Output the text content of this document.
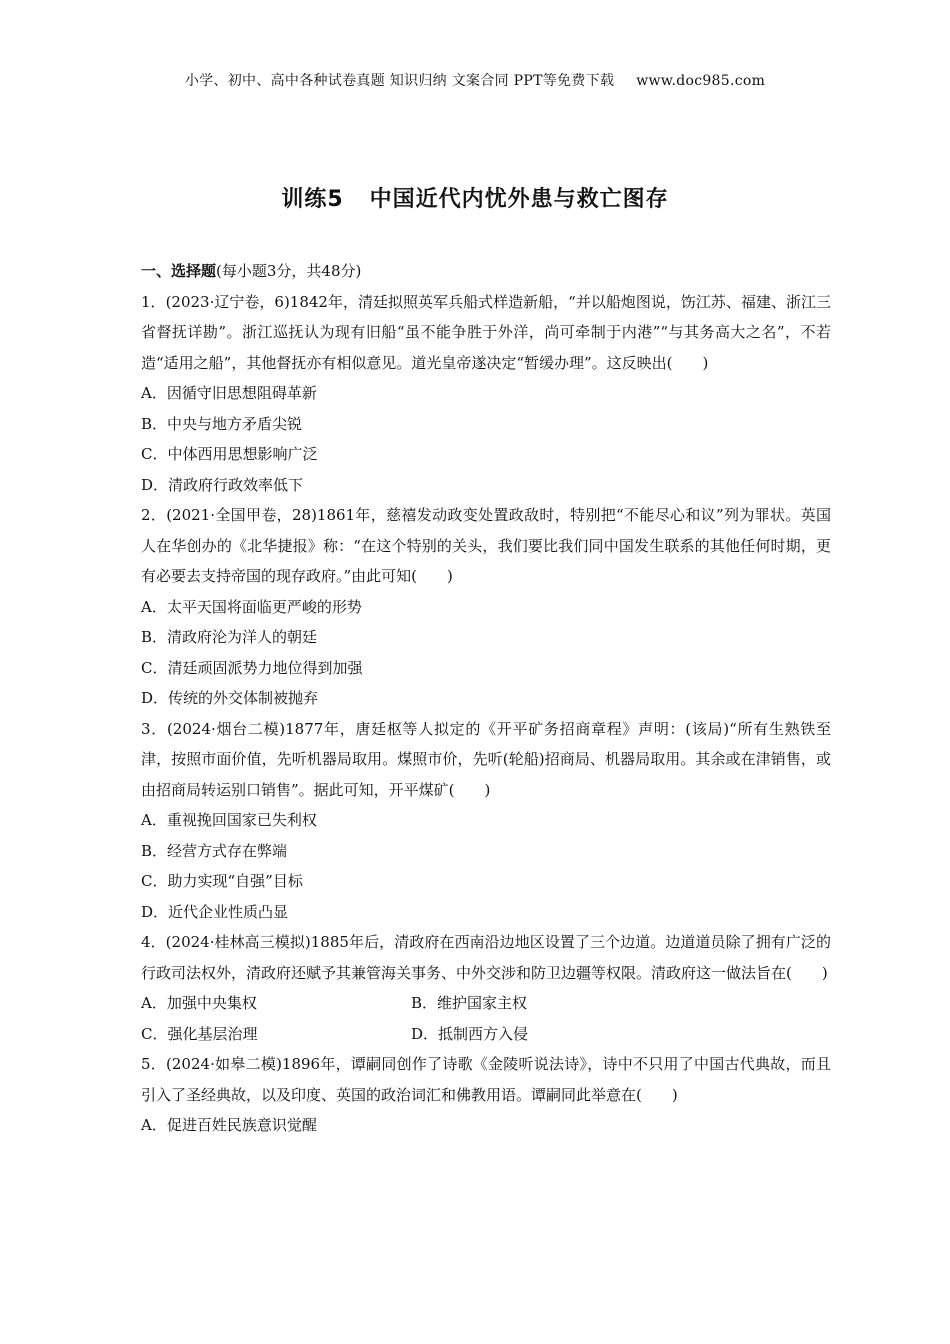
小学、初中、高中各种试卷真题 知识归纳 文案合同 PPT等免费下载 www.doc985.com
训练5 中国近代内忧外患与救亡图存

一、选择题(每小题3分，共48分)

1．(2023·辽宁卷，6)1842年，清廷拟照英军兵船式样造新船，“并以船炮图说，饬江苏、福建、浙江三省督抚详勘”。浙江巡抚认为现有旧船“虽不能争胜于外洋，尚可牵制于内港”“与其务高大之名”，不若造“适用之船”，其他督抚亦有相似意见。道光皇帝遂决定“暂缓办理”。这反映出(　　)

A．因循守旧思想阻碍革新

B．中央与地方矛盾尖锐

C．中体西用思想影响广泛

D．清政府行政效率低下

2．(2021·全国甲卷，28)1861年，慈禧发动政变处置政敌时，特别把“不能尽心和议”列为罪状。英国人在华创办的《北华捷报》称：“在这个特别的关头，我们要比我们同中国发生联系的其他任何时期，更有必要去支持帝国的现存政府。”由此可知(　　)

A．太平天国将面临更严峻的形势

B．清政府沦为洋人的朝廷

C．清廷顽固派势力地位得到加强

D．传统的外交体制被抛弃

3．(2024·烟台二模)1877年，唐廷枢等人拟定的《开平矿务招商章程》声明：(该局)“所有生熟铁至津，按照市面价值，先听机器局取用。煤照市价，先听(轮船)招商局、机器局取用。其余或在津销售，或由招商局转运别口销售”。据此可知，开平煤矿(　　)

A．重视挽回国家已失利权

B．经营方式存在弊端

C．助力实现“自强”目标

D．近代企业性质凸显

4．(2024·桂林高三模拟)1885年后，清政府在西南沿边地区设置了三个边道。边道道员除了拥有广泛的行政司法权外，清政府还赋予其兼管海关事务、中外交涉和防卫边疆等权限。清政府这一做法旨在(　　)

A．加强中央集权	B．维护国家主权

C．强化基层治理	D．抵制西方入侵

5．(2024·如皋二模)1896年，谭嗣同创作了诗歌《金陵听说法诗》，诗中不只用了中国古代典故，而且引入了圣经典故，以及印度、英国的政治词汇和佛教用语。谭嗣同此举意在(　　)

A．促进百姓民族意识觉醒
